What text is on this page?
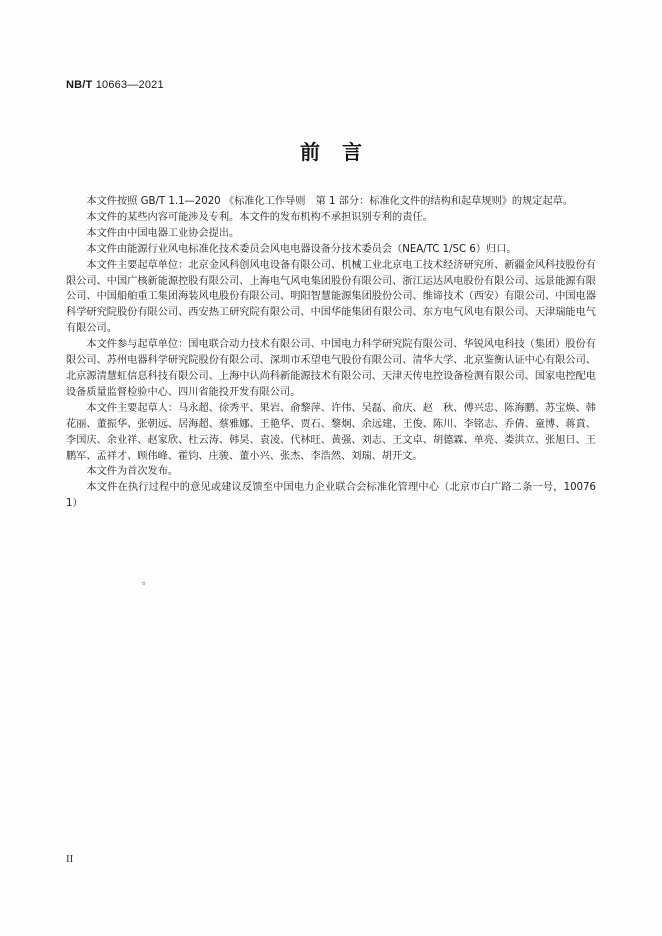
NB/T 10663—2021
前言

本文件按照 GB/T 1.1—2020 《标准化工作导则　第 1 部分：标准化文件的结构和起草规则》的规定起草。

本文件的某些内容可能涉及专利。本文件的发布机构不承担识别专利的责任。

本文件由中国电器工业协会提出。

本文件由能源行业风电标准化技术委员会风电电器设备分技术委员会（NEA/TC 1/SC 6）归口。

本文件主要起草单位：北京金风科创风电设备有限公司、机械工业北京电工技术经济研究所、新疆金风科技股份有限公司、中国广核新能源控股有限公司、上海电气风电集团股份有限公司、浙江运达风电股份有限公司、远景能源有限公司、中国船舶重工集团海装风电股份有限公司、明阳智慧能源集团股份公司、维谛技术（西安）有限公司、中国电器科学研究院股份有限公司、西安热工研究院有限公司、中国华能集团有限公司、东方电气风电有限公司、天津瑞能电气有限公司。

本文件参与起草单位：国电联合动力技术有限公司、中国电力科学研究院有限公司、华锐风电科技（集团）股份有限公司、苏州电器科学研究院股份有限公司、深圳市禾望电气股份有限公司、清华大学、北京鉴衡认证中心有限公司、北京源清慧虹信息科技有限公司、上海中认尚科新能源技术有限公司、天津天传电控设备检测有限公司、国家电控配电设备质量监督检验中心、四川省能投开发有限公司。

本文件主要起草人：马永超、徐秀平、果岩、俞黎萍、许伟、吴磊、俞庆、赵　秋、傅兴忠、陈海鹏、苏宝焕、韩花丽、董振华、张朝远、居海超、蔡雅娜、王艳华、贾石、黎炯、余远建、王俊、陈川、李铭志、乔倩、童博、蒋賁、李国庆、余业祥、赵家欣、杜云涛、韩昊、袁凌、代林旺、黄强、刘志、王文卓、胡德霖、单亮、娄洪立、张旭日、王鹏军、孟祥才、顾伟峰、霍钧、庄骏、董小兴、张杰、李浩然、刘瑞、胡开文。

本文件为首次发布。

本文件在执行过程中的意见或建议反馈至中国电力企业联合会标准化管理中心（北京市白广路二条一号，100761）

。
II
